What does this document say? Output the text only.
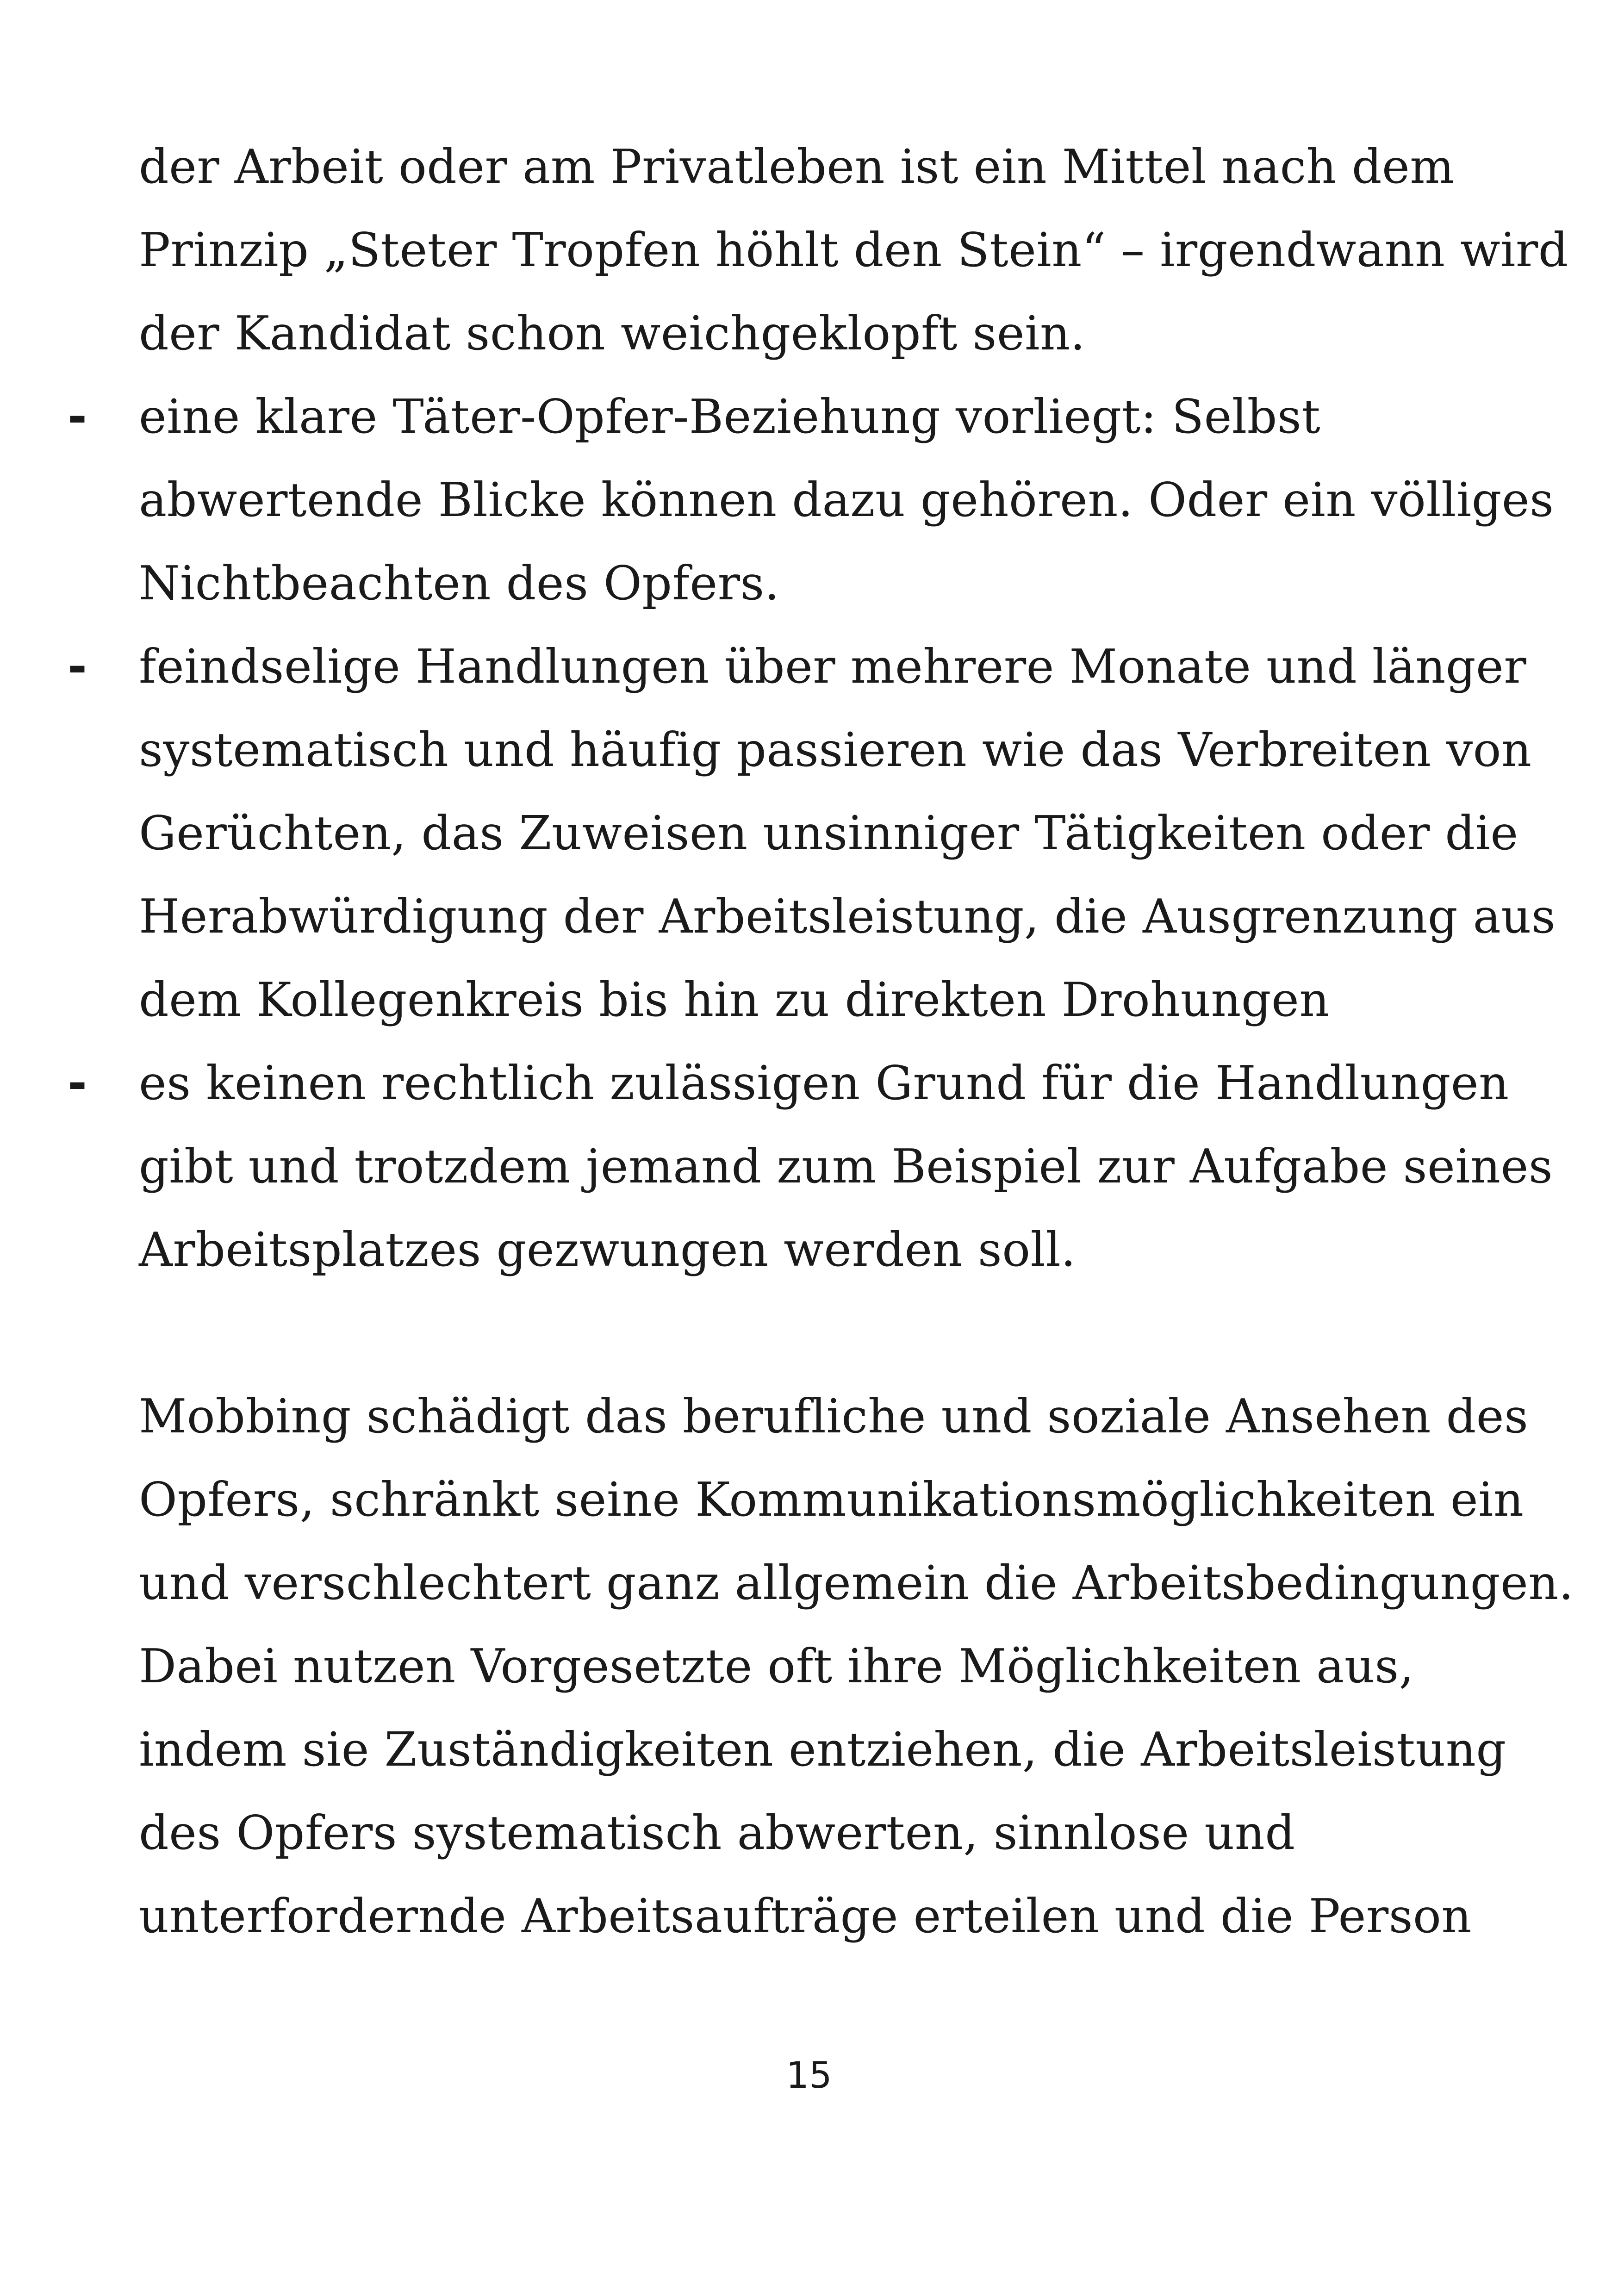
der Arbeit oder am Privatleben ist ein Mittel nach dem
Prinzip „Steter Tropfen höhlt den Stein“ – irgendwann wird
der Kandidat schon weichgeklopft sein.
- eine klare Täter-Opfer-Beziehung vorliegt: Selbst
abwertende Blicke können dazu gehören. Oder ein völliges
Nichtbeachten des Opfers.
- feindselige Handlungen über mehrere Monate und länger
systematisch und häufig passieren wie das Verbreiten von
Gerüchten, das Zuweisen unsinniger Tätigkeiten oder die
Herabwürdigung der Arbeitsleistung, die Ausgrenzung aus
dem Kollegenkreis bis hin zu direkten Drohungen
- es keinen rechtlich zulässigen Grund für die Handlungen
gibt und trotzdem jemand zum Beispiel zur Aufgabe seines
Arbeitsplatzes gezwungen werden soll.
Mobbing schädigt das berufliche und soziale Ansehen des
Opfers, schränkt seine Kommunikationsmöglichkeiten ein
und verschlechtert ganz allgemein die Arbeitsbedingungen.
Dabei nutzen Vorgesetzte oft ihre Möglichkeiten aus,
indem sie Zuständigkeiten entziehen, die Arbeitsleistung
des Opfers systematisch abwerten, sinnlose und
unterfordernde Arbeitsaufträge erteilen und die Person
15
